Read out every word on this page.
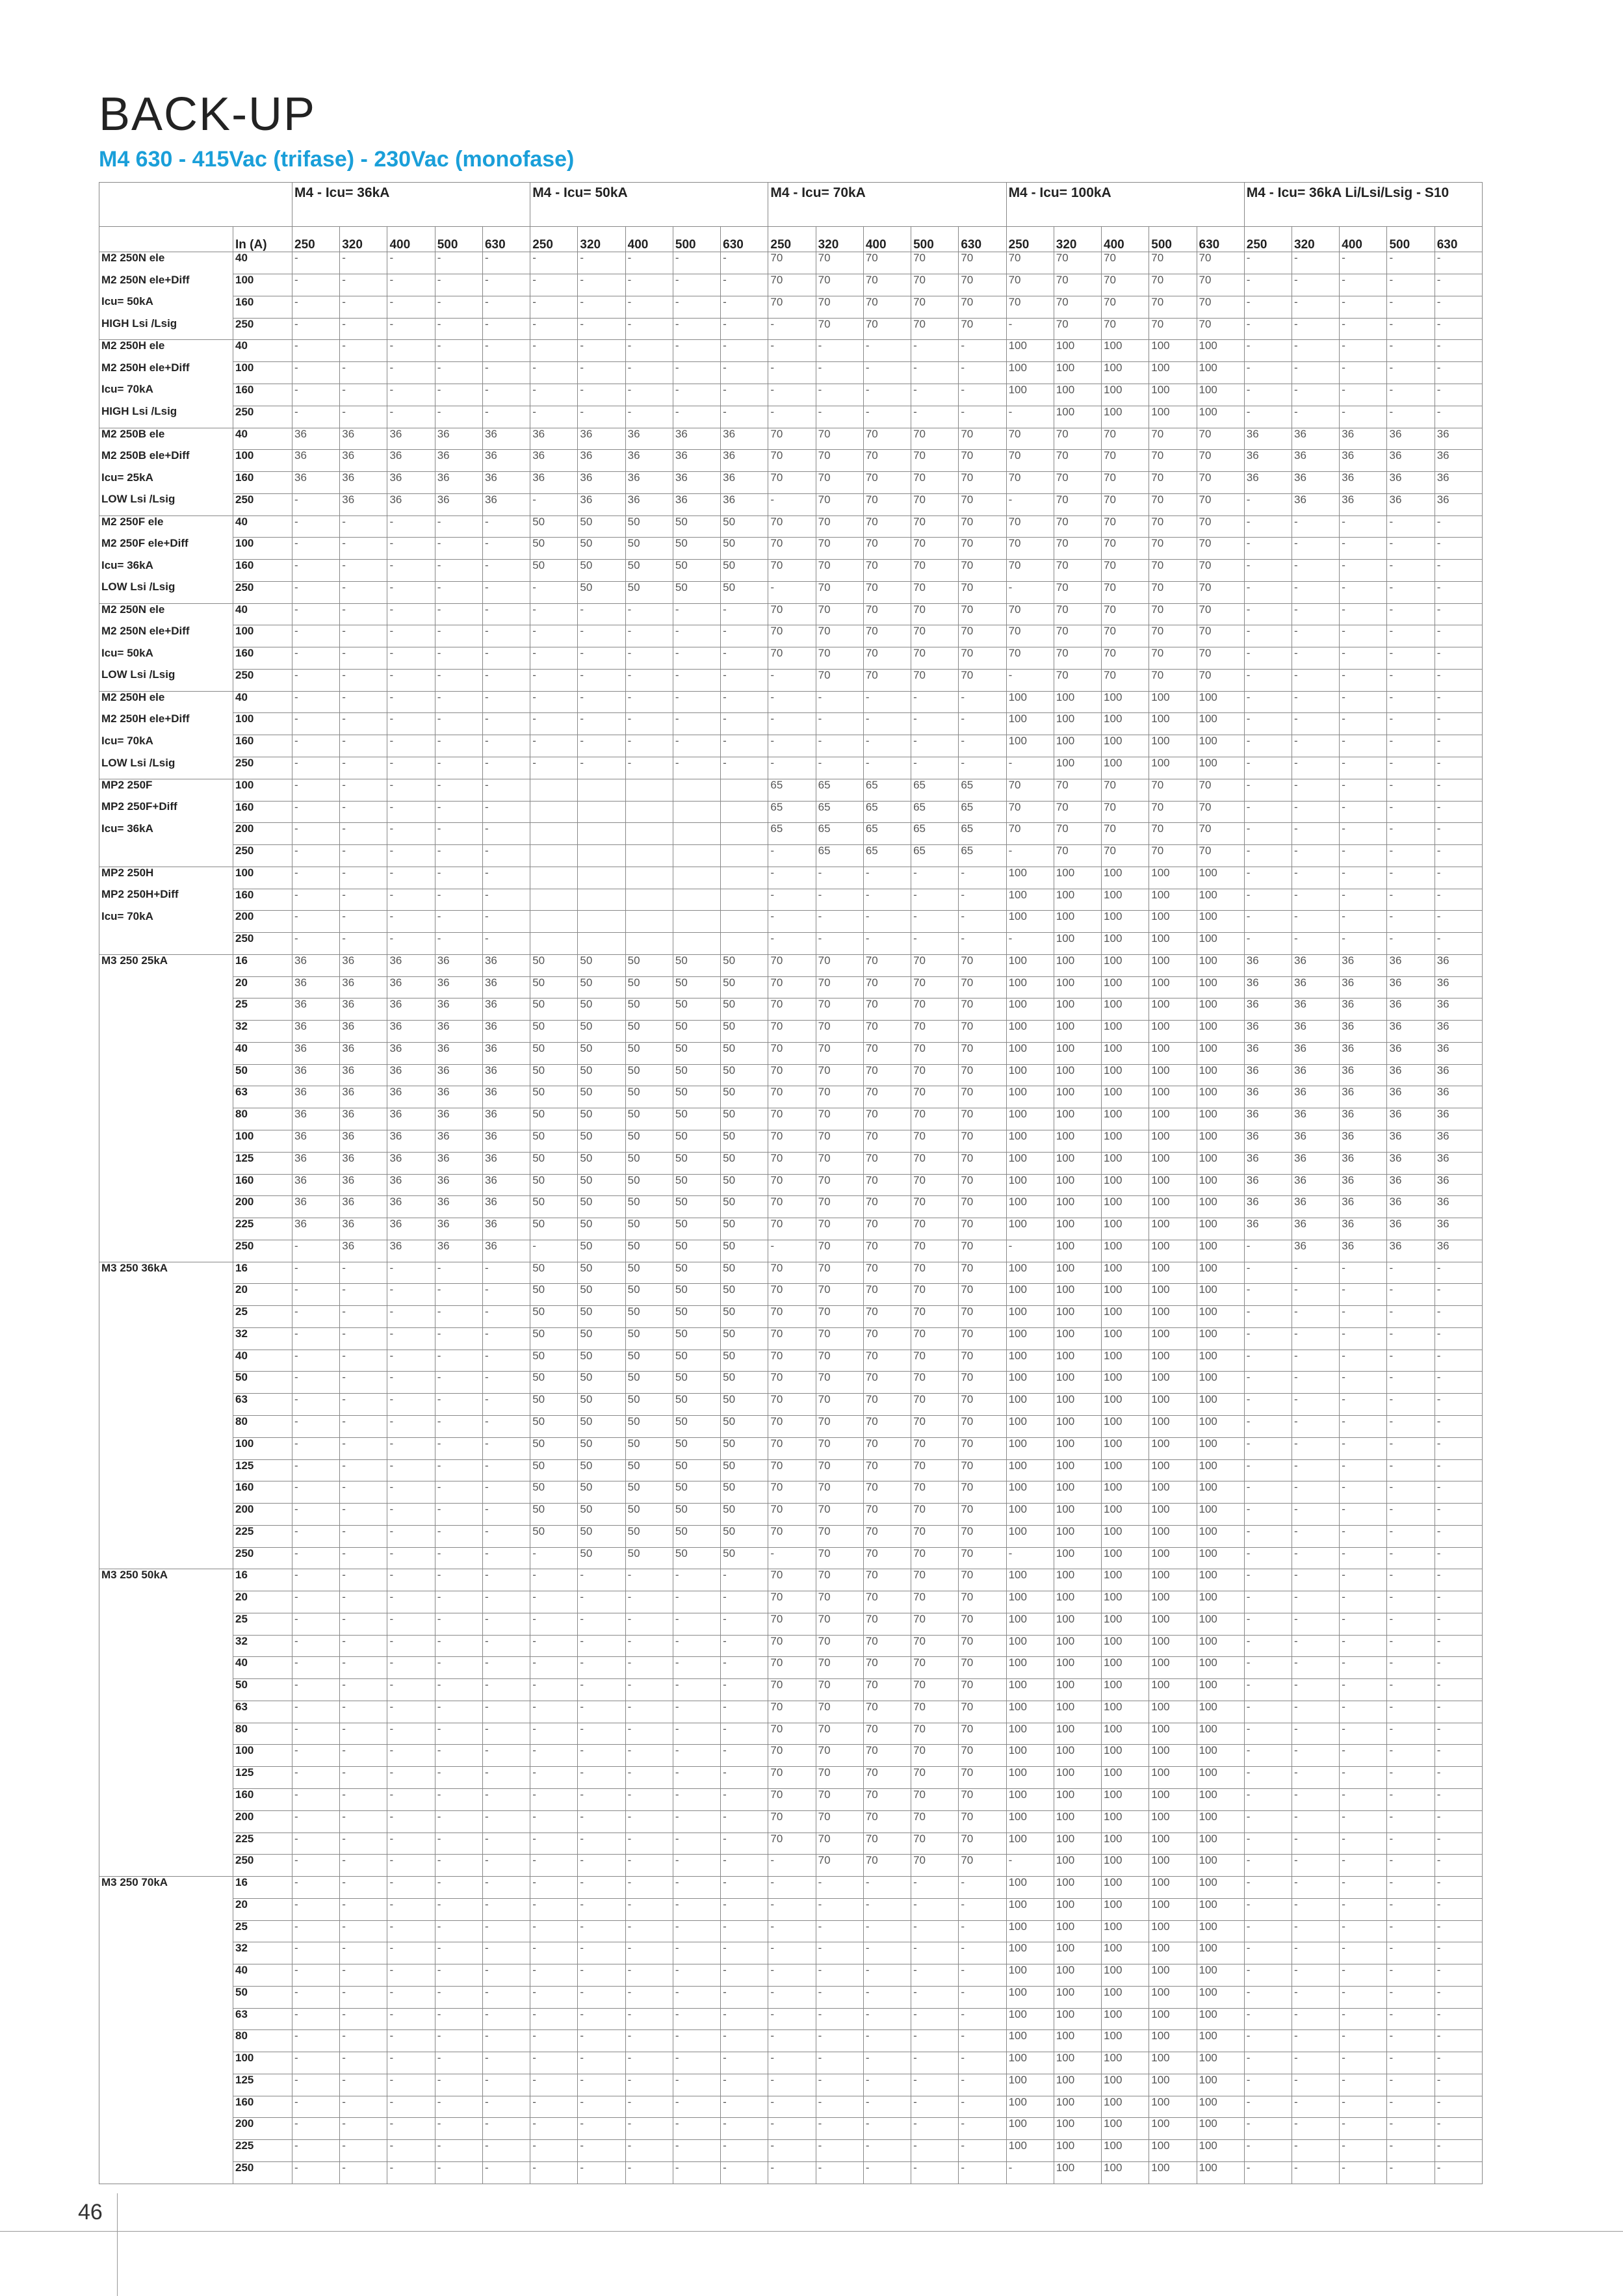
BACK-UP
M4 630 - 415Vac (trifase) - 230Vac (monofase)
		M4 - Icu= 36kA					M4 - Icu= 50kA					M4 - Icu= 70kA					M4 - Icu= 100kA					M4 - Icu= 36kA Li/Lsi/Lsig - S10				
	In (A)	250	320	400	500	630	250	320	400	500	630	250	320	400	500	630	250	320	400	500	630	250	320	400	500	630
M2 250N ele	40	-	-	-	-	-	-	-	-	-	-	70	70	70	70	70	70	70	70	70	70	-	-	-	-	-
M2 250N ele+Diff	100	-	-	-	-	-	-	-	-	-	-	70	70	70	70	70	70	70	70	70	70	-	-	-	-	-
Icu= 50kA	160	-	-	-	-	-	-	-	-	-	-	70	70	70	70	70	70	70	70	70	70	-	-	-	-	-
HIGH Lsi /Lsig	250	-	-	-	-	-	-	-	-	-	-	-	70	70	70	70	-	70	70	70	70	-	-	-	-	-
M2 250H ele	40	-	-	-	-	-	-	-	-	-	-	-	-	-	-	-	100	100	100	100	100	-	-	-	-	-
M2 250H ele+Diff	100	-	-	-	-	-	-	-	-	-	-	-	-	-	-	-	100	100	100	100	100	-	-	-	-	-
Icu= 70kA	160	-	-	-	-	-	-	-	-	-	-	-	-	-	-	-	100	100	100	100	100	-	-	-	-	-
HIGH Lsi /Lsig	250	-	-	-	-	-	-	-	-	-	-	-	-	-	-	-	-	100	100	100	100	-	-	-	-	-
M2 250B ele	40	36	36	36	36	36	36	36	36	36	36	70	70	70	70	70	70	70	70	70	70	36	36	36	36	36
M2 250B ele+Diff	100	36	36	36	36	36	36	36	36	36	36	70	70	70	70	70	70	70	70	70	70	36	36	36	36	36
Icu= 25kA	160	36	36	36	36	36	36	36	36	36	36	70	70	70	70	70	70	70	70	70	70	36	36	36	36	36
LOW Lsi /Lsig	250	-	36	36	36	36	-	36	36	36	36	-	70	70	70	70	-	70	70	70	70	-	36	36	36	36
M2 250F ele	40	-	-	-	-	-	50	50	50	50	50	70	70	70	70	70	70	70	70	70	70	-	-	-	-	-
M2 250F ele+Diff	100	-	-	-	-	-	50	50	50	50	50	70	70	70	70	70	70	70	70	70	70	-	-	-	-	-
Icu= 36kA	160	-	-	-	-	-	50	50	50	50	50	70	70	70	70	70	70	70	70	70	70	-	-	-	-	-
LOW Lsi /Lsig	250	-	-	-	-	-	-	50	50	50	50	-	70	70	70	70	-	70	70	70	70	-	-	-	-	-
M2 250N ele	40	-	-	-	-	-	-	-	-	-	-	70	70	70	70	70	70	70	70	70	70	-	-	-	-	-
M2 250N ele+Diff	100	-	-	-	-	-	-	-	-	-	-	70	70	70	70	70	70	70	70	70	70	-	-	-	-	-
Icu= 50kA	160	-	-	-	-	-	-	-	-	-	-	70	70	70	70	70	70	70	70	70	70	-	-	-	-	-
LOW Lsi /Lsig	250	-	-	-	-	-	-	-	-	-	-	-	70	70	70	70	-	70	70	70	70	-	-	-	-	-
M2 250H ele	40	-	-	-	-	-	-	-	-	-	-	-	-	-	-	-	100	100	100	100	100	-	-	-	-	-
M2 250H ele+Diff	100	-	-	-	-	-	-	-	-	-	-	-	-	-	-	-	100	100	100	100	100	-	-	-	-	-
Icu= 70kA	160	-	-	-	-	-	-	-	-	-	-	-	-	-	-	-	100	100	100	100	100	-	-	-	-	-
LOW Lsi /Lsig	250	-	-	-	-	-	-	-	-	-	-	-	-	-	-	-	-	100	100	100	100	-	-	-	-	-
MP2 250F	100	-	-	-	-	-						65	65	65	65	65	70	70	70	70	70	-	-	-	-	-
MP2 250F+Diff	160	-	-	-	-	-						65	65	65	65	65	70	70	70	70	70	-	-	-	-	-
Icu= 36kA	200	-	-	-	-	-						65	65	65	65	65	70	70	70	70	70	-	-	-	-	-
	250	-	-	-	-	-						-	65	65	65	65	-	70	70	70	70	-	-	-	-	-
MP2 250H	100	-	-	-	-	-						-	-	-	-	-	100	100	100	100	100	-	-	-	-	-
MP2 250H+Diff	160	-	-	-	-	-						-	-	-	-	-	100	100	100	100	100	-	-	-	-	-
Icu= 70kA	200	-	-	-	-	-						-	-	-	-	-	100	100	100	100	100	-	-	-	-	-
	250	-	-	-	-	-						-	-	-	-	-	-	100	100	100	100	-	-	-	-	-
M3 250 25kA	16	36	36	36	36	36	50	50	50	50	50	70	70	70	70	70	100	100	100	100	100	36	36	36	36	36
	20	36	36	36	36	36	50	50	50	50	50	70	70	70	70	70	100	100	100	100	100	36	36	36	36	36
	25	36	36	36	36	36	50	50	50	50	50	70	70	70	70	70	100	100	100	100	100	36	36	36	36	36
	32	36	36	36	36	36	50	50	50	50	50	70	70	70	70	70	100	100	100	100	100	36	36	36	36	36
	40	36	36	36	36	36	50	50	50	50	50	70	70	70	70	70	100	100	100	100	100	36	36	36	36	36
	50	36	36	36	36	36	50	50	50	50	50	70	70	70	70	70	100	100	100	100	100	36	36	36	36	36
	63	36	36	36	36	36	50	50	50	50	50	70	70	70	70	70	100	100	100	100	100	36	36	36	36	36
	80	36	36	36	36	36	50	50	50	50	50	70	70	70	70	70	100	100	100	100	100	36	36	36	36	36
	100	36	36	36	36	36	50	50	50	50	50	70	70	70	70	70	100	100	100	100	100	36	36	36	36	36
	125	36	36	36	36	36	50	50	50	50	50	70	70	70	70	70	100	100	100	100	100	36	36	36	36	36
	160	36	36	36	36	36	50	50	50	50	50	70	70	70	70	70	100	100	100	100	100	36	36	36	36	36
	200	36	36	36	36	36	50	50	50	50	50	70	70	70	70	70	100	100	100	100	100	36	36	36	36	36
	225	36	36	36	36	36	50	50	50	50	50	70	70	70	70	70	100	100	100	100	100	36	36	36	36	36
	250	-	36	36	36	36	-	50	50	50	50	-	70	70	70	70	-	100	100	100	100	-	36	36	36	36
M3 250 36kA	16	-	-	-	-	-	50	50	50	50	50	70	70	70	70	70	100	100	100	100	100	-	-	-	-	-
	20	-	-	-	-	-	50	50	50	50	50	70	70	70	70	70	100	100	100	100	100	-	-	-	-	-
	25	-	-	-	-	-	50	50	50	50	50	70	70	70	70	70	100	100	100	100	100	-	-	-	-	-
	32	-	-	-	-	-	50	50	50	50	50	70	70	70	70	70	100	100	100	100	100	-	-	-	-	-
	40	-	-	-	-	-	50	50	50	50	50	70	70	70	70	70	100	100	100	100	100	-	-	-	-	-
	50	-	-	-	-	-	50	50	50	50	50	70	70	70	70	70	100	100	100	100	100	-	-	-	-	-
	63	-	-	-	-	-	50	50	50	50	50	70	70	70	70	70	100	100	100	100	100	-	-	-	-	-
	80	-	-	-	-	-	50	50	50	50	50	70	70	70	70	70	100	100	100	100	100	-	-	-	-	-
	100	-	-	-	-	-	50	50	50	50	50	70	70	70	70	70	100	100	100	100	100	-	-	-	-	-
	125	-	-	-	-	-	50	50	50	50	50	70	70	70	70	70	100	100	100	100	100	-	-	-	-	-
	160	-	-	-	-	-	50	50	50	50	50	70	70	70	70	70	100	100	100	100	100	-	-	-	-	-
	200	-	-	-	-	-	50	50	50	50	50	70	70	70	70	70	100	100	100	100	100	-	-	-	-	-
	225	-	-	-	-	-	50	50	50	50	50	70	70	70	70	70	100	100	100	100	100	-	-	-	-	-
	250	-	-	-	-	-	-	50	50	50	50	-	70	70	70	70	-	100	100	100	100	-	-	-	-	-
M3 250 50kA	16	-	-	-	-	-	-	-	-	-	-	70	70	70	70	70	100	100	100	100	100	-	-	-	-	-
	20	-	-	-	-	-	-	-	-	-	-	70	70	70	70	70	100	100	100	100	100	-	-	-	-	-
	25	-	-	-	-	-	-	-	-	-	-	70	70	70	70	70	100	100	100	100	100	-	-	-	-	-
	32	-	-	-	-	-	-	-	-	-	-	70	70	70	70	70	100	100	100	100	100	-	-	-	-	-
	40	-	-	-	-	-	-	-	-	-	-	70	70	70	70	70	100	100	100	100	100	-	-	-	-	-
	50	-	-	-	-	-	-	-	-	-	-	70	70	70	70	70	100	100	100	100	100	-	-	-	-	-
	63	-	-	-	-	-	-	-	-	-	-	70	70	70	70	70	100	100	100	100	100	-	-	-	-	-
	80	-	-	-	-	-	-	-	-	-	-	70	70	70	70	70	100	100	100	100	100	-	-	-	-	-
	100	-	-	-	-	-	-	-	-	-	-	70	70	70	70	70	100	100	100	100	100	-	-	-	-	-
	125	-	-	-	-	-	-	-	-	-	-	70	70	70	70	70	100	100	100	100	100	-	-	-	-	-
	160	-	-	-	-	-	-	-	-	-	-	70	70	70	70	70	100	100	100	100	100	-	-	-	-	-
	200	-	-	-	-	-	-	-	-	-	-	70	70	70	70	70	100	100	100	100	100	-	-	-	-	-
	225	-	-	-	-	-	-	-	-	-	-	70	70	70	70	70	100	100	100	100	100	-	-	-	-	-
	250	-	-	-	-	-	-	-	-	-	-	-	70	70	70	70	-	100	100	100	100	-	-	-	-	-
M3 250 70kA	16	-	-	-	-	-	-	-	-	-	-	-	-	-	-	-	100	100	100	100	100	-	-	-	-	-
	20	-	-	-	-	-	-	-	-	-	-	-	-	-	-	-	100	100	100	100	100	-	-	-	-	-
	25	-	-	-	-	-	-	-	-	-	-	-	-	-	-	-	100	100	100	100	100	-	-	-	-	-
	32	-	-	-	-	-	-	-	-	-	-	-	-	-	-	-	100	100	100	100	100	-	-	-	-	-
	40	-	-	-	-	-	-	-	-	-	-	-	-	-	-	-	100	100	100	100	100	-	-	-	-	-
	50	-	-	-	-	-	-	-	-	-	-	-	-	-	-	-	100	100	100	100	100	-	-	-	-	-
	63	-	-	-	-	-	-	-	-	-	-	-	-	-	-	-	100	100	100	100	100	-	-	-	-	-
	80	-	-	-	-	-	-	-	-	-	-	-	-	-	-	-	100	100	100	100	100	-	-	-	-	-
	100	-	-	-	-	-	-	-	-	-	-	-	-	-	-	-	100	100	100	100	100	-	-	-	-	-
	125	-	-	-	-	-	-	-	-	-	-	-	-	-	-	-	100	100	100	100	100	-	-	-	-	-
	160	-	-	-	-	-	-	-	-	-	-	-	-	-	-	-	100	100	100	100	100	-	-	-	-	-
	200	-	-	-	-	-	-	-	-	-	-	-	-	-	-	-	100	100	100	100	100	-	-	-	-	-
	225	-	-	-	-	-	-	-	-	-	-	-	-	-	-	-	100	100	100	100	100	-	-	-	-	-
	250	-	-	-	-	-	-	-	-	-	-	-	-	-	-	-	-	100	100	100	100	-	-	-	-	-
46
